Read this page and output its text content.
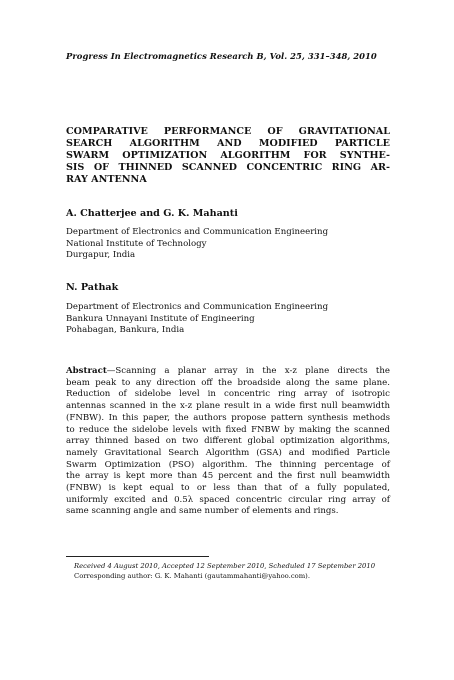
Progress In Electromagnetics Research B, Vol. 25, 331–348, 2010
COMPARATIVE PERFORMANCE OF GRAVITATIONAL
SEARCH ALGORITHM AND MODIFIED PARTICLE
SWARM OPTIMIZATION ALGORITHM FOR SYNTHE-
SIS OF THINNED SCANNED CONCENTRIC RING AR-
RAY ANTENNA
A. Chatterjee and G. K. Mahanti
Department of Electronics and Communication Engineering
National Institute of Technology
Durgapur, India
N. Pathak
Department of Electronics and Communication Engineering
Bankura Unnayani Institute of Engineering
Pohabagan, Bankura, India
Abstract—Scanning a planar array in the x-z plane directs the
beam peak to any direction off the broadside along the same plane.
Reduction of sidelobe level in concentric ring array of isotropic
antennas scanned in the x-z plane result in a wide first null beamwidth
(FNBW). In this paper, the authors propose pattern synthesis methods
to reduce the sidelobe levels with fixed FNBW by making the scanned
array thinned based on two different global optimization algorithms,
namely Gravitational Search Algorithm (GSA) and modified Particle
Swarm Optimization (PSO) algorithm. The thinning percentage of
the array is kept more than 45 percent and the first null beamwidth
(FNBW) is kept equal to or less than that of a fully populated,
uniformly excited and 0.5λ spaced concentric circular ring array of
same scanning angle and same number of elements and rings.
Received 4 August 2010, Accepted 12 September 2010, Scheduled 17 September 2010
Corresponding author: G. K. Mahanti (gautammahanti@yahoo.com).
